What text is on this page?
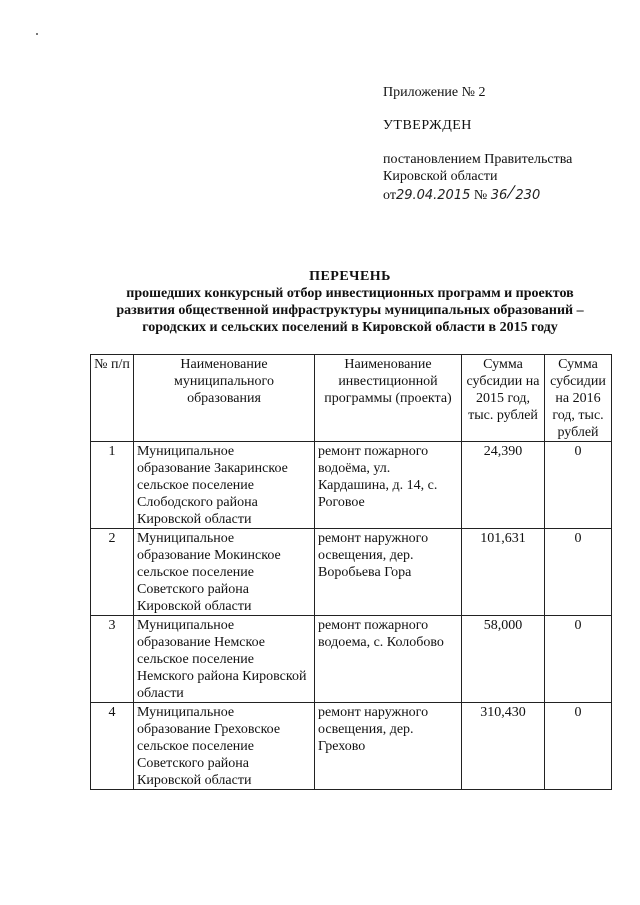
Приложение № 2
УТВЕРЖДЕН
постановлением Правительства
Кировской области
от29.04.2015 № 36/230
ПЕРЕЧЕНЬ
прошедших конкурсный отбор инвестиционных программ и проектов
развития общественной инфраструктуры муниципальных образований –
городских и сельских поселений в Кировской области в 2015 году
№ п/п	Наименование муниципального образования	Наименование инвестиционной программы (проекта)	Сумма субсидии на 2015 год, тыс. рублей	Сумма субсидии на 2016 год, тыс. рублей
1	Муниципальное образование Закаринское сельское поселение Слободского района Кировской области	ремонт пожарного водоёма, ул. Кардашина, д. 14, с. Роговое	24,390	0
2	Муниципальное образование Мокинское сельское поселение Советского района Кировской области	ремонт наружного освещения, дер. Воробьева Гора	101,631	0
3	Муниципальное образование Немское сельское поселение Немского района Кировской области	ремонт пожарного водоема, с. Колобово	58,000	0
4	Муниципальное образование Греховское сельское поселение Советского района Кировской области	ремонт наружного освещения, дер. Грехово	310,430	0
